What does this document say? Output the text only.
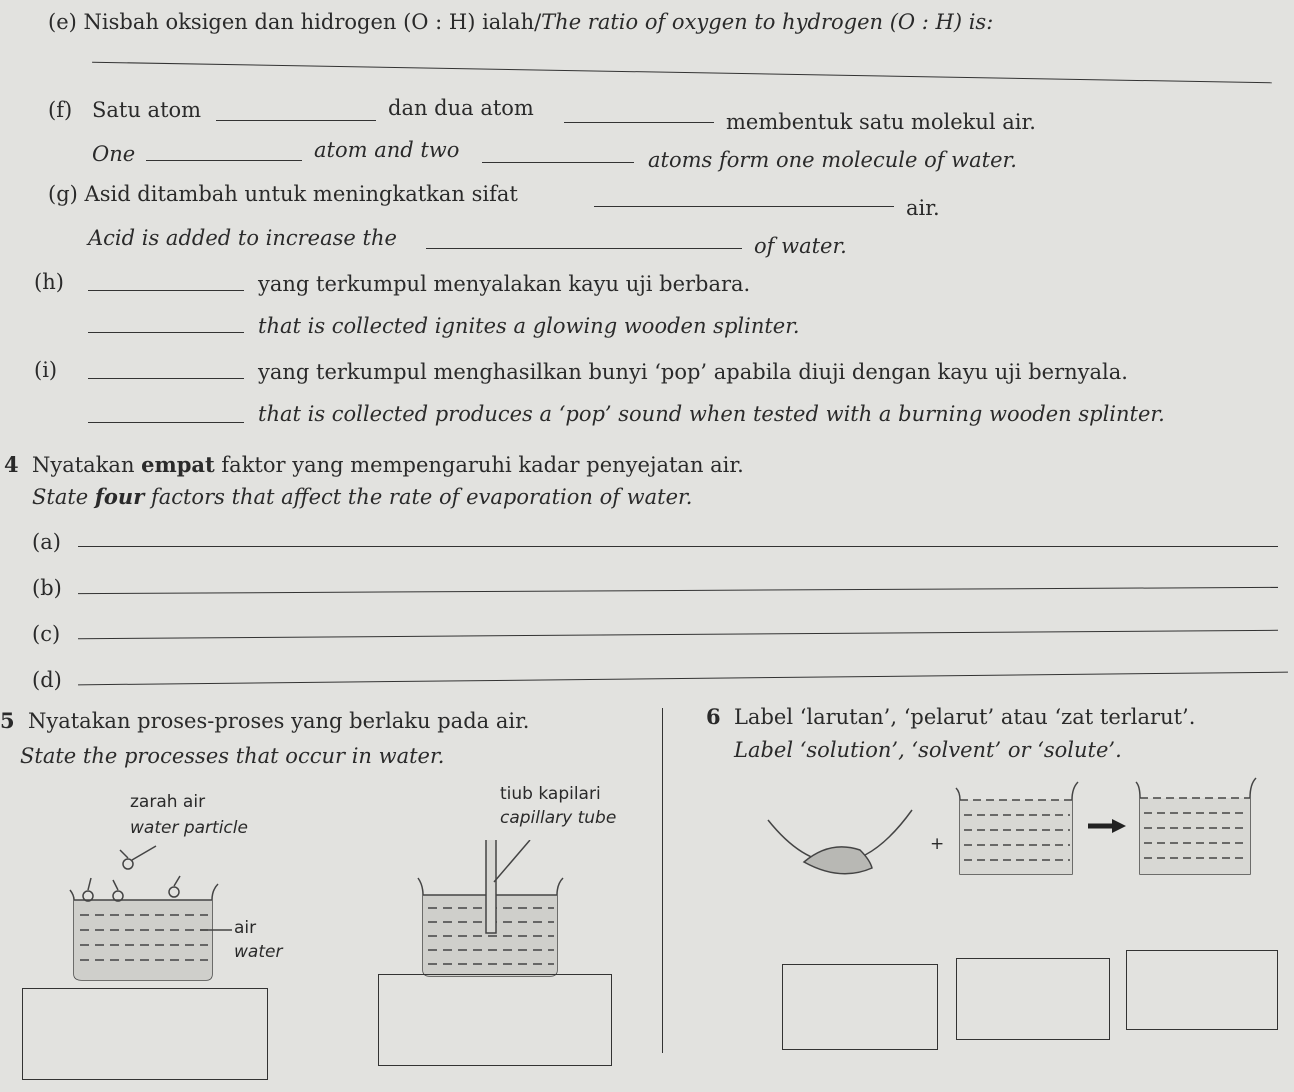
(e) Nisbah oksigen dan hidrogen (O : H) ialah/The ratio of oxygen to hydrogen (O : H) is:
(f) Satu atom	dan dua atom
membentuk satu molekul air.
One	atom and two	atoms form one molecule of water.
(g) Asid ditambah untuk meningkatkan sifat
air.
Acid is added to increase the	of water.
(h)	yang terkumpul menyalakan kayu uji berbara.
that is collected ignites a glowing wooden splinter.
(i)	yang terkumpul menghasilkan bunyi ‘pop’ apabila diuji dengan kayu uji bernyala.
that is collected produces a ‘pop’ sound when tested with a burning wooden splinter.
4 Nyatakan empat faktor yang mempengaruhi kadar penyejatan air.
State four factors that affect the rate of evaporation of water.
(a)
(b)
(c)
(d)
5 Nyatakan proses-proses yang berlaku pada air.
State the processes that occur in water.
zarah air
water particle
air
water
tiub kapilari
capillary tube
6 Label ‘larutan’, ‘pelarut’ atau ‘zat terlarut’.
Label ‘solution’, ‘solvent’ or ‘solute’.
+
